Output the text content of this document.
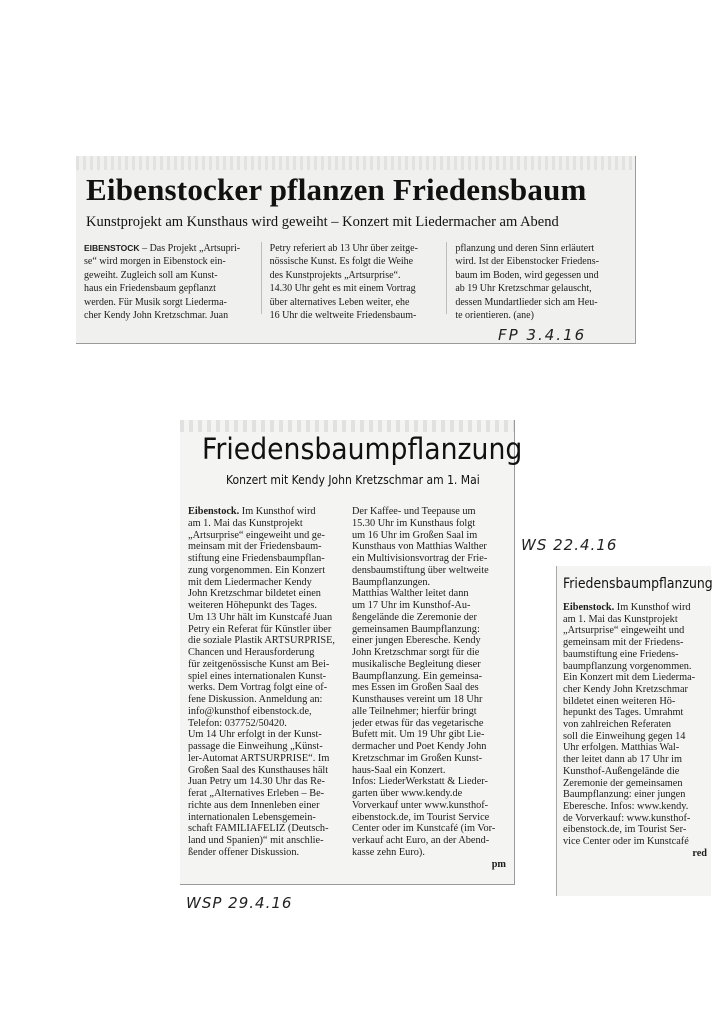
Eibenstocker pflanzen Friedensbaum
Kunstprojekt am Kunsthaus wird geweiht – Konzert mit Liedermacher am Abend
EIBENSTOCK – Das Projekt „Artsupri-
se“ wird morgen in Eibenstock ein-
geweiht. Zugleich soll am Kunst-
haus ein Friedensbaum gepflanzt
werden. Für Musik sorgt Liederma-
cher Kendy John Kretzschmar. Juan
Petry referiert ab 13 Uhr über zeitge-
nössische Kunst. Es folgt die Weihe
des Kunstprojekts „Artsurprise“.
14.30 Uhr geht es mit einem Vortrag
über alternatives Leben weiter, ehe
16 Uhr die weltweite Friedensbaum-
pflanzung und deren Sinn erläutert
wird. Ist der Eibenstocker Friedens-
baum im Boden, wird gegessen und
ab 19 Uhr Kretzschmar gelauscht,
dessen Mundartlieder sich am Heu-
te orientieren. (ane)
FP 3.4.16
Friedensbaumpflanzung
Konzert mit Kendy John Kretzschmar am 1. Mai
Eibenstock. Im Kunsthof wird
am 1. Mai das Kunstprojekt
„Artsurprise“ eingeweiht und ge-
meinsam mit der Friedensbaum-
stiftung eine Friedensbaumpflan-
zung vorgenommen. Ein Konzert
mit dem Liedermacher Kendy
John Kretzschmar bildetet einen
weiteren Höhepunkt des Tages.
Um 13 Uhr hält im Kunstcafé Juan
Petry ein Referat für Künstler über
die soziale Plastik ARTSURPRISE,
Chancen und Herausforderung
für zeitgenössische Kunst am Bei-
spiel eines internationalen Kunst-
werks. Dem Vortrag folgt eine of-
fene Diskussion. Anmeldung an:
info@kunsthof eibenstock.de,
Telefon: 037752/50420.
Um 14 Uhr erfolgt in der Kunst-
passage die Einweihung „Künst-
ler-Automat ARTSURPRISE“. Im
Großen Saal des Kunsthauses hält
Juan Petry um 14.30 Uhr das Re-
ferat „Alternatives Erleben – Be-
richte aus dem Innenleben einer
internationalen Lebensgemein-
schaft FAMILIAFELIZ (Deutsch-
land und Spanien)“ mit anschlie-
ßender offener Diskussion.
Der Kaffee- und Teepause um
15.30 Uhr im Kunsthaus folgt
um 16 Uhr im Großen Saal im
Kunsthaus von Matthias Walther
ein Multivisionsvortrag der Frie-
densbaumstiftung über weltweite
Baumpflanzungen.
Matthias Walther leitet dann
um 17 Uhr im Kunsthof-Au-
ßengelände die Zeremonie der
gemeinsamen Baumpflanzung:
einer jungen Eberesche. Kendy
John Kretzschmar sorgt für die
musikalische Begleitung dieser
Baumpflanzung. Ein gemeinsa-
mes Essen im Großen Saal des
Kunsthauses vereint um 18 Uhr
alle Teilnehmer; hierfür bringt
jeder etwas für das vegetarische
Bufett mit. Um 19 Uhr gibt Lie-
dermacher und Poet Kendy John
Kretzschmar im Großen Kunst-
haus-Saal ein Konzert.
Infos: LiederWerkstatt & Lieder-
garten über www.kendy.de
Vorverkauf unter www.kunsthof-
eibenstock.de, im Tourist Service
Center oder im Kunstcafé (im Vor-
verkauf acht Euro, an der Abend-
kasse zehn Euro).
pm
WSP 29.4.16
Friedensbaumpflanzung
Eibenstock. Im Kunsthof wird
am 1. Mai das Kunstprojekt
„Artsurprise“ eingeweiht und
gemeinsam mit der Friedens-
baumstiftung eine Friedens-
baumpflanzung vorgenommen.
Ein Konzert mit dem Liederma-
cher Kendy John Kretzschmar
bildetet einen weiteren Hö-
hepunkt des Tages. Umrahmt
von zahlreichen Referaten
soll die Einweihung gegen 14
Uhr erfolgen. Matthias Wal-
ther leitet dann ab 17 Uhr im
Kunsthof-Außengelände die
Zeremonie der gemeinsamen
Baumpflanzung: einer jungen
Eberesche. Infos: www.kendy.
de Vorverkauf: www.kunsthof-
eibenstock.de, im Tourist Ser-
vice Center oder im Kunstcafé
red
WS 22.4.16
